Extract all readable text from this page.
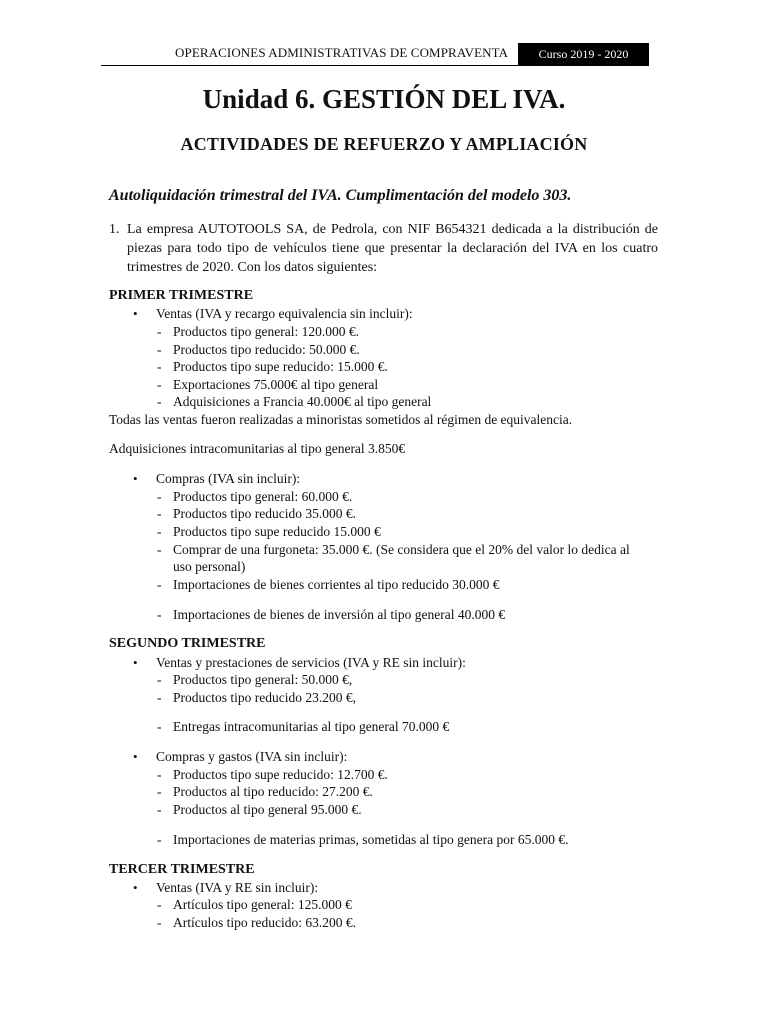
OPERACIONES ADMINISTRATIVAS DE COMPRAVENTA	Curso 2019 - 2020
Unidad 6. GESTIÓN DEL IVA.
ACTIVIDADES DE REFUERZO Y AMPLIACIÓN
Autoliquidación trimestral del IVA. Cumplimentación del modelo 303.
1. La empresa AUTOTOOLS SA, de Pedrola, con NIF B654321 dedicada a la distribución de piezas para todo tipo de vehículos tiene que presentar la declaración del IVA en los cuatro trimestres de 2020. Con los datos siguientes:
PRIMER TRIMESTRE
• Ventas (IVA y recargo equivalencia sin incluir):
- Productos tipo general: 120.000 €.
- Productos tipo reducido: 50.000 €.
- Productos tipo supe reducido: 15.000 €.
- Exportaciones 75.000€ al tipo general
- Adquisiciones a Francia 40.000€ al tipo general
Todas las ventas fueron realizadas a minoristas sometidos al régimen de equivalencia.
Adquisiciones intracomunitarias al tipo general 3.850€
• Compras (IVA sin incluir):
- Productos tipo general: 60.000 €.
- Productos tipo reducido 35.000 €.
- Productos tipo supe reducido 15.000 €
- Comprar de una furgoneta: 35.000 €. (Se considera que el 20% del valor lo dedica al
uso personal)
- Importaciones de bienes corrientes al tipo reducido 30.000 €
- Importaciones de bienes de inversión al tipo general 40.000 €
SEGUNDO TRIMESTRE
• Ventas y prestaciones de servicios (IVA y RE sin incluir):
- Productos tipo general: 50.000 €,
- Productos tipo reducido 23.200 €,
- Entregas intracomunitarias al tipo general 70.000 €
• Compras y gastos (IVA sin incluir):
- Productos tipo supe reducido: 12.700 €.
- Productos al tipo reducido: 27.200 €.
- Productos al tipo general 95.000 €.
- Importaciones de materias primas, sometidas al tipo genera por 65.000 €.
TERCER TRIMESTRE
• Ventas (IVA y RE sin incluir):
- Artículos tipo general: 125.000 €
- Artículos tipo reducido: 63.200 €.
